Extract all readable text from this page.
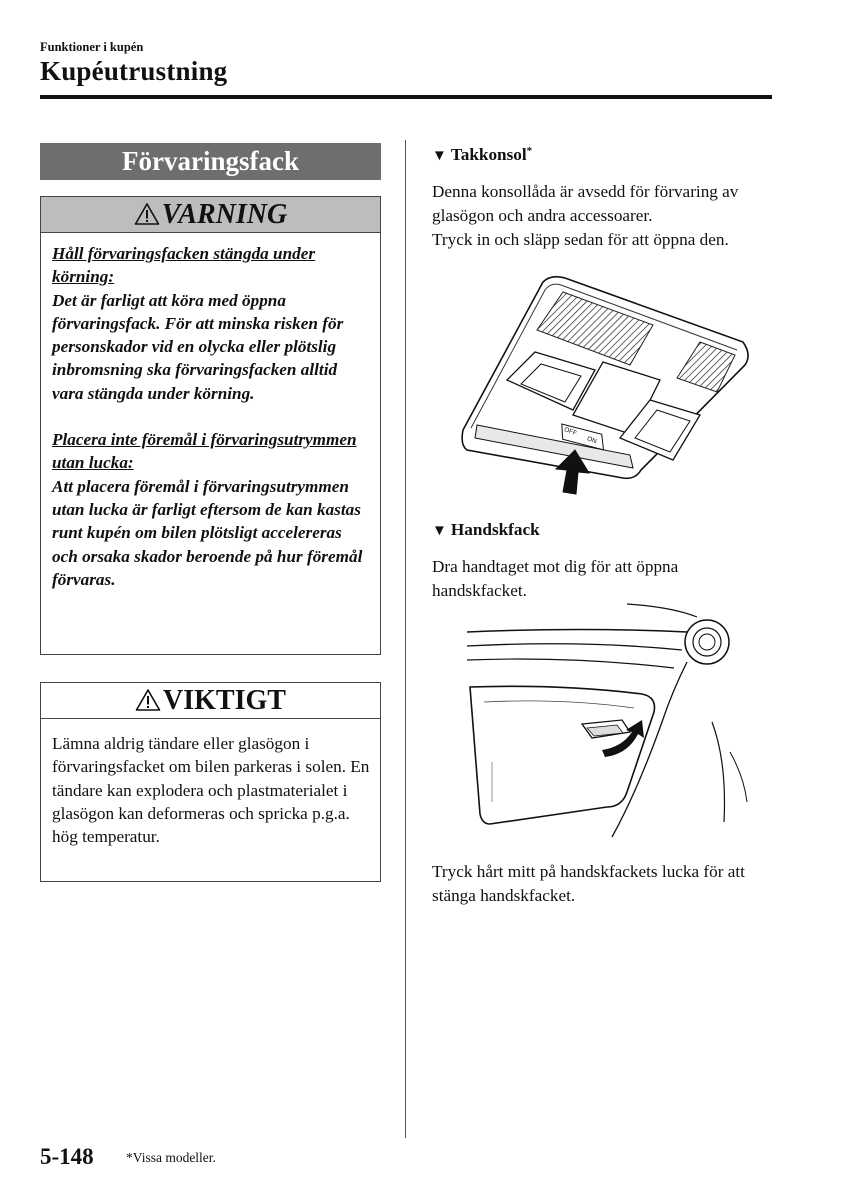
Funktioner i kupén
Kupéutrustning
Förvaringsfack
VARNING

Håll förvaringsfacken stängda under körning:
Det är farligt att köra med öppna förvaringsfack. För att minska risken för personskador vid en olycka eller plötslig inbromsning ska förvaringsfacken alltid vara stängda under körning.

Placera inte föremål i förvaringsutrymmen utan lucka:
Att placera föremål i förvaringsutrymmen utan lucka är farligt eftersom de kan kastas runt kupén om bilen plötsligt accelereras och orsaka skador beroende på hur föremål förvaras.

VIKTIGT
Lämna aldrig tändare eller glasögon i förvaringsfacket om bilen parkeras i solen. En tändare kan explodera och plastmaterialet i glasögon kan deformeras och spricka p.g.a. hög temperatur.
▼ Takkonsol*
Denna konsollåda är avsedd för förvaring av glasögon och andra accessoarer.
Tryck in och släpp sedan för att öppna den.
OFF
ON
▼ Handskfack
Dra handtaget mot dig för att öppna handskfacket.
Tryck hårt mitt på handskfackets lucka för att stänga handskfacket.
5-148 *Vissa modeller.
